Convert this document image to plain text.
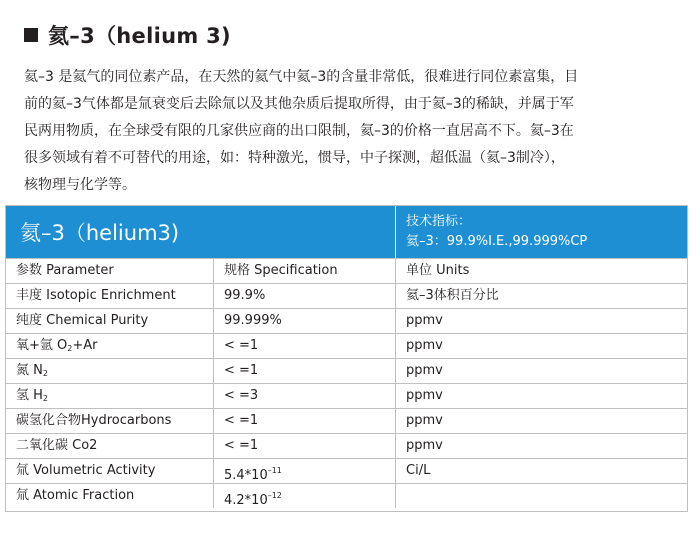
氦–3（helium 3)
氦–3 是氦气的同位素产品，在天然的氦气中氦–3的含量非常低，很难进行同位素富集，目
前的氦–3气体都是氚衰变后去除氚以及其他杂质后提取所得，由于氦–3的稀缺，并属于军
民两用物质，在全球受有限的几家供应商的出口限制，氦–3的价格一直居高不下。氦–3在
很多领域有着不可替代的用途，如：特种激光，惯导，中子探测，超低温（氦–3制冷），
核物理与化学等。
氦–3（helium3)	技术指标：
氦–3：99.9%I.E.,99.999%CP
参数 Parameter	规格 Specification	单位 Units
丰度 Isotopic Enrichment	99.9%	氦–3体积百分比
纯度 Chemical Purity	99.999%	ppmv
氧+氩 $O_2+Ar$	< =1	ppmv
氮 $N_2$	< =1	ppmv
氢 $H_2$	< =3	ppmv
碳氢化合物Hydrocarbons	< =1	ppmv
二氧化碳 Co2	< =1	ppmv
氚 Volumetric Activity	$5.4*10^{-11}$	Ci/L
氚 Atomic Fraction	$4.2*10^{-12}$
